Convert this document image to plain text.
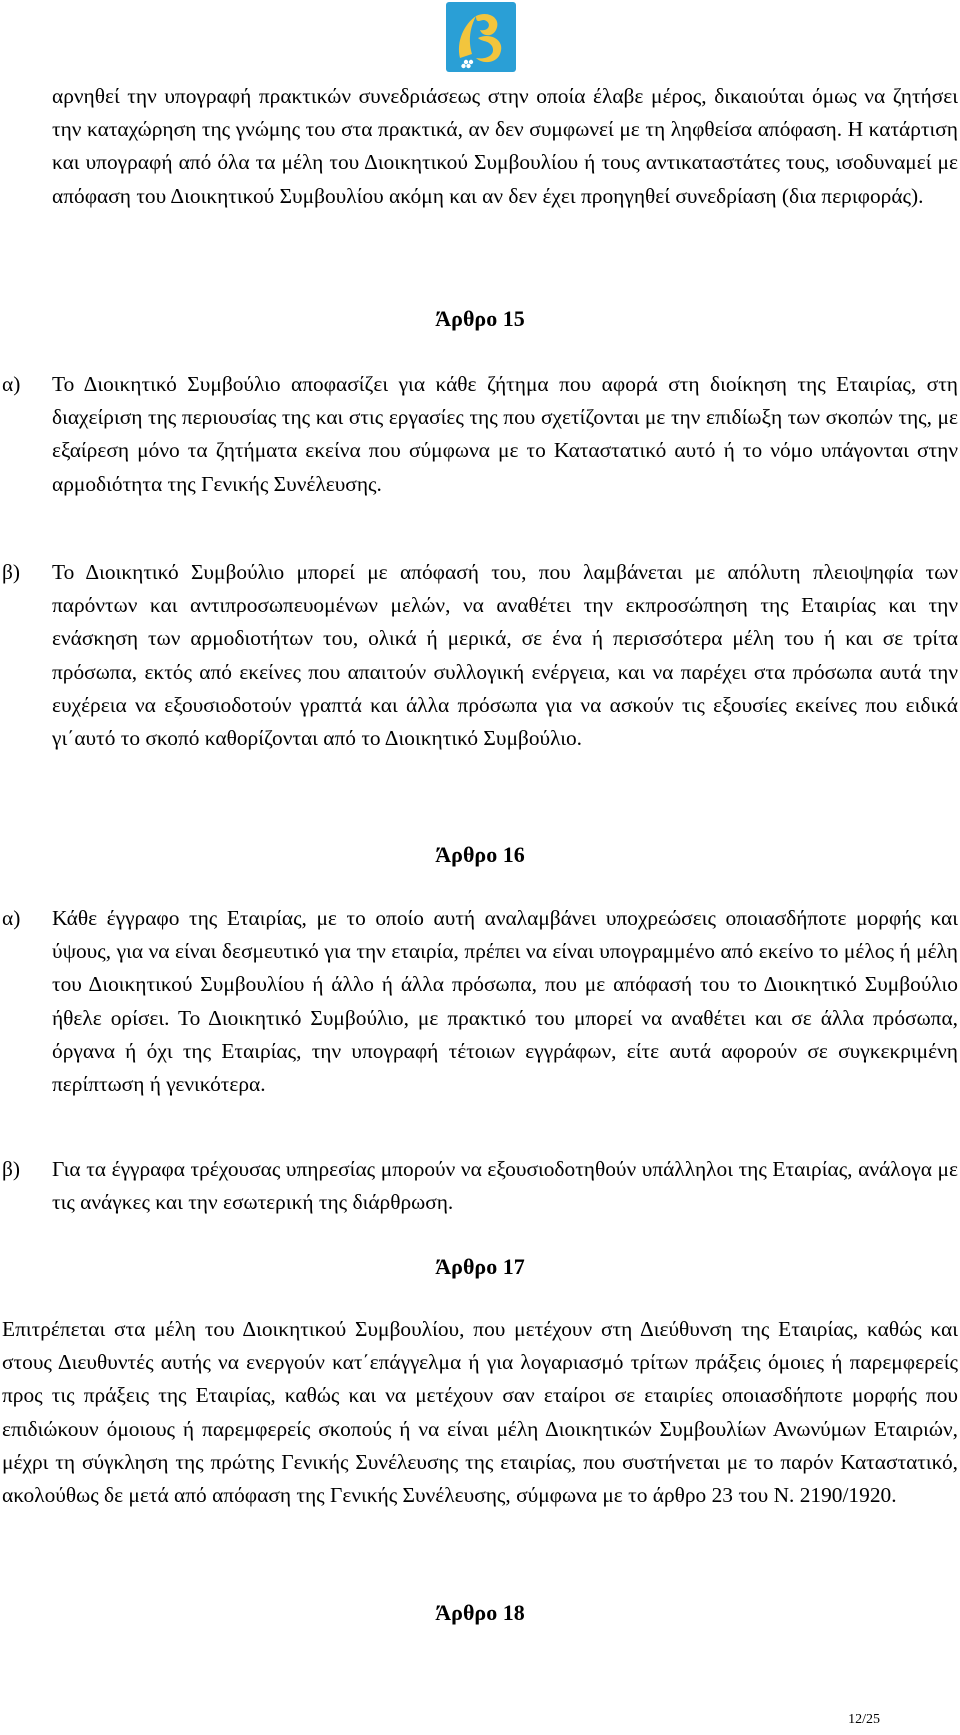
αρνηθεί την υπογραφή πρακτικών συνεδριάσεως στην οποία έλαβε μέρος, δικαιούται όμως να ζητήσει την καταχώρηση της γνώμης του στα πρακτικά, αν δεν συμφωνεί με τη ληφθείσα απόφαση. Η κατάρτιση και υπογραφή από όλα τα μέλη του Διοικητικού Συμβουλίου ή τους αντικαταστάτες τους, ισοδυναμεί με απόφαση του Διοικητικού Συμβουλίου ακόμη και αν δεν έχει προηγηθεί συνεδρίαση (δια περιφοράς).

Άρθρο 15
α) Το Διοικητικό Συμβούλιο αποφασίζει για κάθε ζήτημα που αφορά στη διοίκηση της Εταιρίας, στη διαχείριση της περιουσίας της και στις εργασίες της που σχετίζονται με την επιδίωξη των σκοπών της, με εξαίρεση μόνο τα ζητήματα εκείνα που σύμφωνα με το Καταστατικό αυτό ή το νόμο υπάγονται στην αρμοδιότητα της Γενικής Συνέλευσης.

β) Το Διοικητικό Συμβούλιο μπορεί με απόφασή του, που λαμβάνεται με απόλυτη πλειοψηφία των παρόντων και αντιπροσωπευομένων μελών, να αναθέτει την εκπροσώπηση της Εταιρίας και την ενάσκηση των αρμοδιοτήτων του, ολικά ή μερικά, σε ένα ή περισσότερα μέλη του ή και σε τρίτα πρόσωπα, εκτός από εκείνες που απαιτούν συλλογική ενέργεια, και να παρέχει στα πρόσωπα αυτά την ευχέρεια να εξουσιοδοτούν γραπτά και άλλα πρόσωπα για να ασκούν τις εξουσίες εκείνες που ειδικά γι΄αυτό το σκοπό καθορίζονται από το Διοικητικό Συμβούλιο.

Άρθρο 16
α) Κάθε έγγραφο της Εταιρίας, με το οποίο αυτή αναλαμβάνει υποχρεώσεις οποιασδήποτε μορφής και ύψους, για να είναι δεσμευτικό για την εταιρία, πρέπει να είναι υπογραμμένο από εκείνο το μέλος ή μέλη του Διοικητικού Συμβουλίου ή άλλο ή άλλα πρόσωπα, που με απόφασή του το Διοικητικό Συμβούλιο ήθελε ορίσει. Το Διοικητικό Συμβούλιο, με πρακτικό του μπορεί να αναθέτει και σε άλλα πρόσωπα, όργανα ή όχι της Εταιρίας, την υπογραφή τέτοιων εγγράφων, είτε αυτά αφορούν σε συγκεκριμένη περίπτωση ή γενικότερα.

β) Για τα έγγραφα τρέχουσας υπηρεσίας μπορούν να εξουσιοδοτηθούν υπάλληλοι της Εταιρίας, ανάλογα με τις ανάγκες και την εσωτερική της διάρθρωση.

Άρθρο 17

Επιτρέπεται στα μέλη του Διοικητικού Συμβουλίου, που μετέχουν στη Διεύθυνση της Εταιρίας, καθώς και στους Διευθυντές αυτής να ενεργούν κατ΄επάγγελμα ή για λογαριασμό τρίτων πράξεις όμοιες ή παρεμφερείς προς τις πράξεις της Εταιρίας, καθώς και να μετέχουν σαν εταίροι σε εταιρίες οποιασδήποτε μορφής που επιδιώκουν όμοιους ή παρεμφερείς σκοπούς ή να είναι μέλη Διοικητικών Συμβουλίων Ανωνύμων Εταιριών, μέχρι τη σύγκληση της πρώτης Γενικής Συνέλευσης της εταιρίας, που συστήνεται με το παρόν Καταστατικό, ακολούθως δε μετά από απόφαση της Γενικής Συνέλευσης, σύμφωνα με το άρθρο 23 του Ν. 2190/1920.

Άρθρο 18
12/25
